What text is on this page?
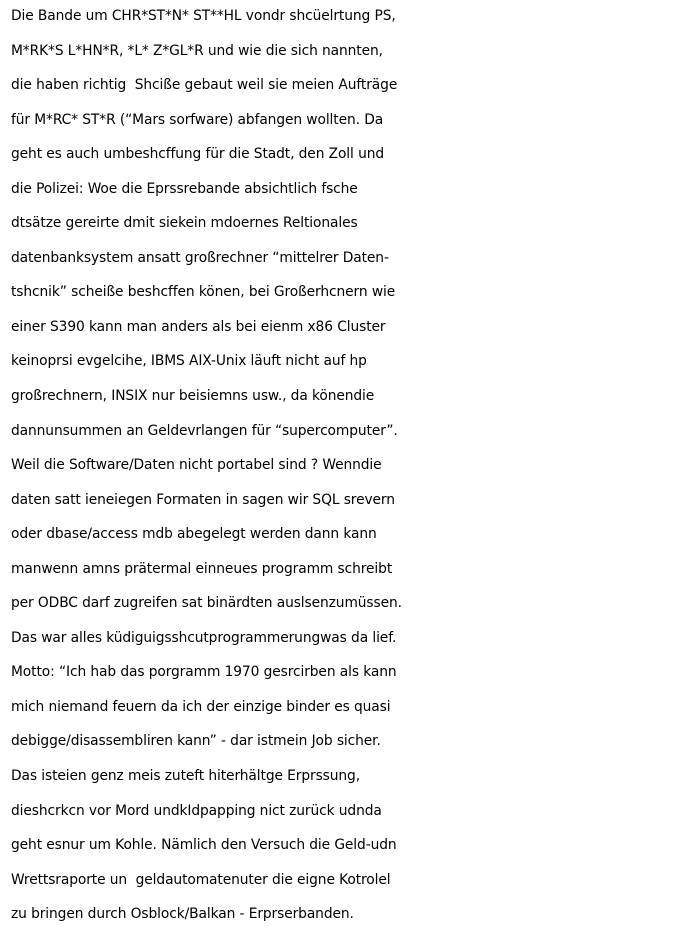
Die Bande um CHR*ST*N* ST**HL vondr shcüelrtung PS,
M*RK*S L*HN*R, *L* Z*GL*R und wie die sich nannten,
die haben richtig  Shcißе gebaut weil sie meien Aufträge
für M*RC* ST*R (“Mars sorfware) abfangen wollten. Da
geht es auch umbeshcffung für die Stadt, den Zoll und
die Polizei: Woe die Eprssrebande absichtlich fsche
dtsätze gereirte dmit siekein mdoernes Reltionales
datenbanksystem ansatt großrechner “mittelrer Daten-
tshcnik” scheiße beshcffen könen, bei Großerhcnern wie
einer S390 kann man anders als bei eienm x86 Cluster
keinoprsi evgelcihe, IBMS AIX-Unix läuft nicht auf hp
großrechnern, INSIX nur beisiemns usw., da könendie
dannunsummen an Geldevrlangen für “supercomputer”.
Weil die Software/Daten nicht portabel sind ? Wenndie
daten satt ieneiegen Formaten in sagen wir SQL srevern
oder dbase/access mdb abegelegt werden dann kann
manwenn amns prätermal einneues programm schreibt
per ODBC darf zugreifen sat binärdten auslsenzumüssen.
Das war alles küdiguigsshcutprogrammerungwas da lief.
Motto: “Ich hab das porgramm 1970 gesrcirben als kann
mich niemand feuern da ich der einzige binder es quasi
debigge/disassembliren kann” - dar istmein Job sicher.
Das isteien genz meis zuteft hiterhältge Erprssung,
dieshcrkcn vor Mord undkIdpapping nict zurück udnda
geht esnur um Kohle. Nämlich den Versuch die Geld-udn
Wrettsraporte un  geldautomatenuter die eigne Kotrolel
zu bringen durch Osblock/Balkan - Erprserbanden.
